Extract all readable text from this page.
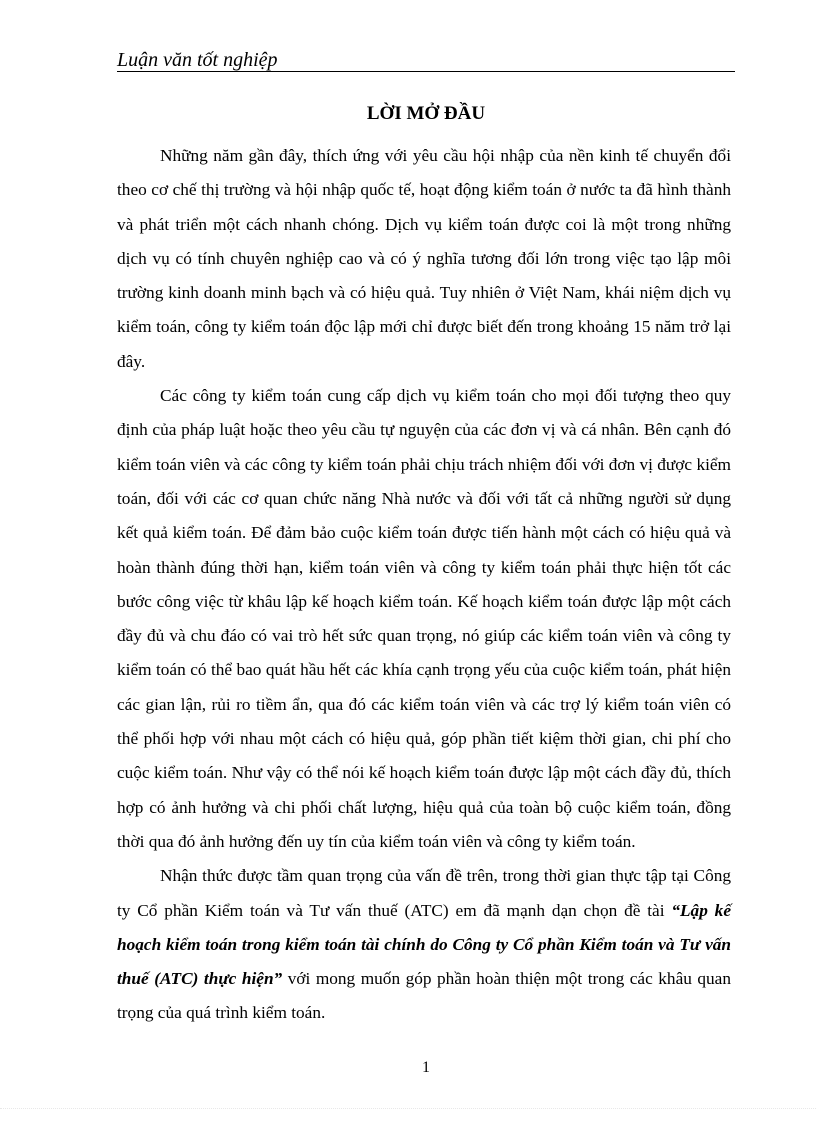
Luận văn tốt nghiệp
LỜI MỞ ĐẦU

Những năm gần đây, thích ứng với yêu cầu hội nhập của nền kinh tế chuyển đổi theo cơ chế thị trường và hội nhập quốc tế, hoạt động kiểm toán ở nước ta đã hình thành và phát triển một cách nhanh chóng. Dịch vụ kiểm toán được coi là một trong những dịch vụ có tính chuyên nghiệp cao và có ý nghĩa tương đối lớn trong việc tạo lập môi trường kinh doanh minh bạch và có hiệu quả. Tuy nhiên ở Việt Nam, khái niệm dịch vụ kiểm toán, công ty kiểm toán độc lập mới chỉ được biết đến trong khoảng 15 năm trở lại đây.

Các công ty kiểm toán cung cấp dịch vụ kiểm toán cho mọi đối tượng theo quy định của pháp luật hoặc theo yêu cầu tự nguyện của các đơn vị và cá nhân. Bên cạnh đó kiểm toán viên và các công ty kiểm toán phải chịu trách nhiệm đối với đơn vị được kiểm toán, đối với các cơ quan chức năng Nhà nước và đối với tất cả những người sử dụng kết quả kiểm toán. Để đảm bảo cuộc kiểm toán được tiến hành một cách có hiệu quả và hoàn thành đúng thời hạn, kiểm toán viên và công ty kiểm toán phải thực hiện tốt các bước công việc từ khâu lập kế hoạch kiểm toán. Kế hoạch kiểm toán được lập một cách đầy đủ và chu đáo có vai trò hết sức quan trọng, nó giúp các kiểm toán viên và công ty kiểm toán có thể bao quát hầu hết các khía cạnh trọng yếu của cuộc kiểm toán, phát hiện các gian lận, rủi ro tiềm ẩn, qua đó các kiểm toán viên và các trợ lý kiểm toán viên có thể phối hợp với nhau một cách có hiệu quả, góp phần tiết kiệm thời gian, chi phí cho cuộc kiểm toán. Như vậy có thể nói kế hoạch kiểm toán được lập một cách đầy đủ, thích hợp có ảnh hưởng và chi phối chất lượng, hiệu quả của toàn bộ cuộc kiểm toán, đồng thời qua đó ảnh hưởng đến uy tín của kiểm toán viên và công ty kiểm toán.

Nhận thức được tầm quan trọng của vấn đề trên, trong thời gian thực tập tại Công ty Cổ phần Kiểm toán và Tư vấn thuế (ATC) em đã mạnh dạn chọn đề tài “Lập kế hoạch kiểm toán trong kiểm toán tài chính do Công ty Cổ phần Kiểm toán và Tư vấn thuế (ATC) thực hiện” với mong muốn góp phần hoàn thiện một trong các khâu quan trọng của quá trình kiểm toán.

1
